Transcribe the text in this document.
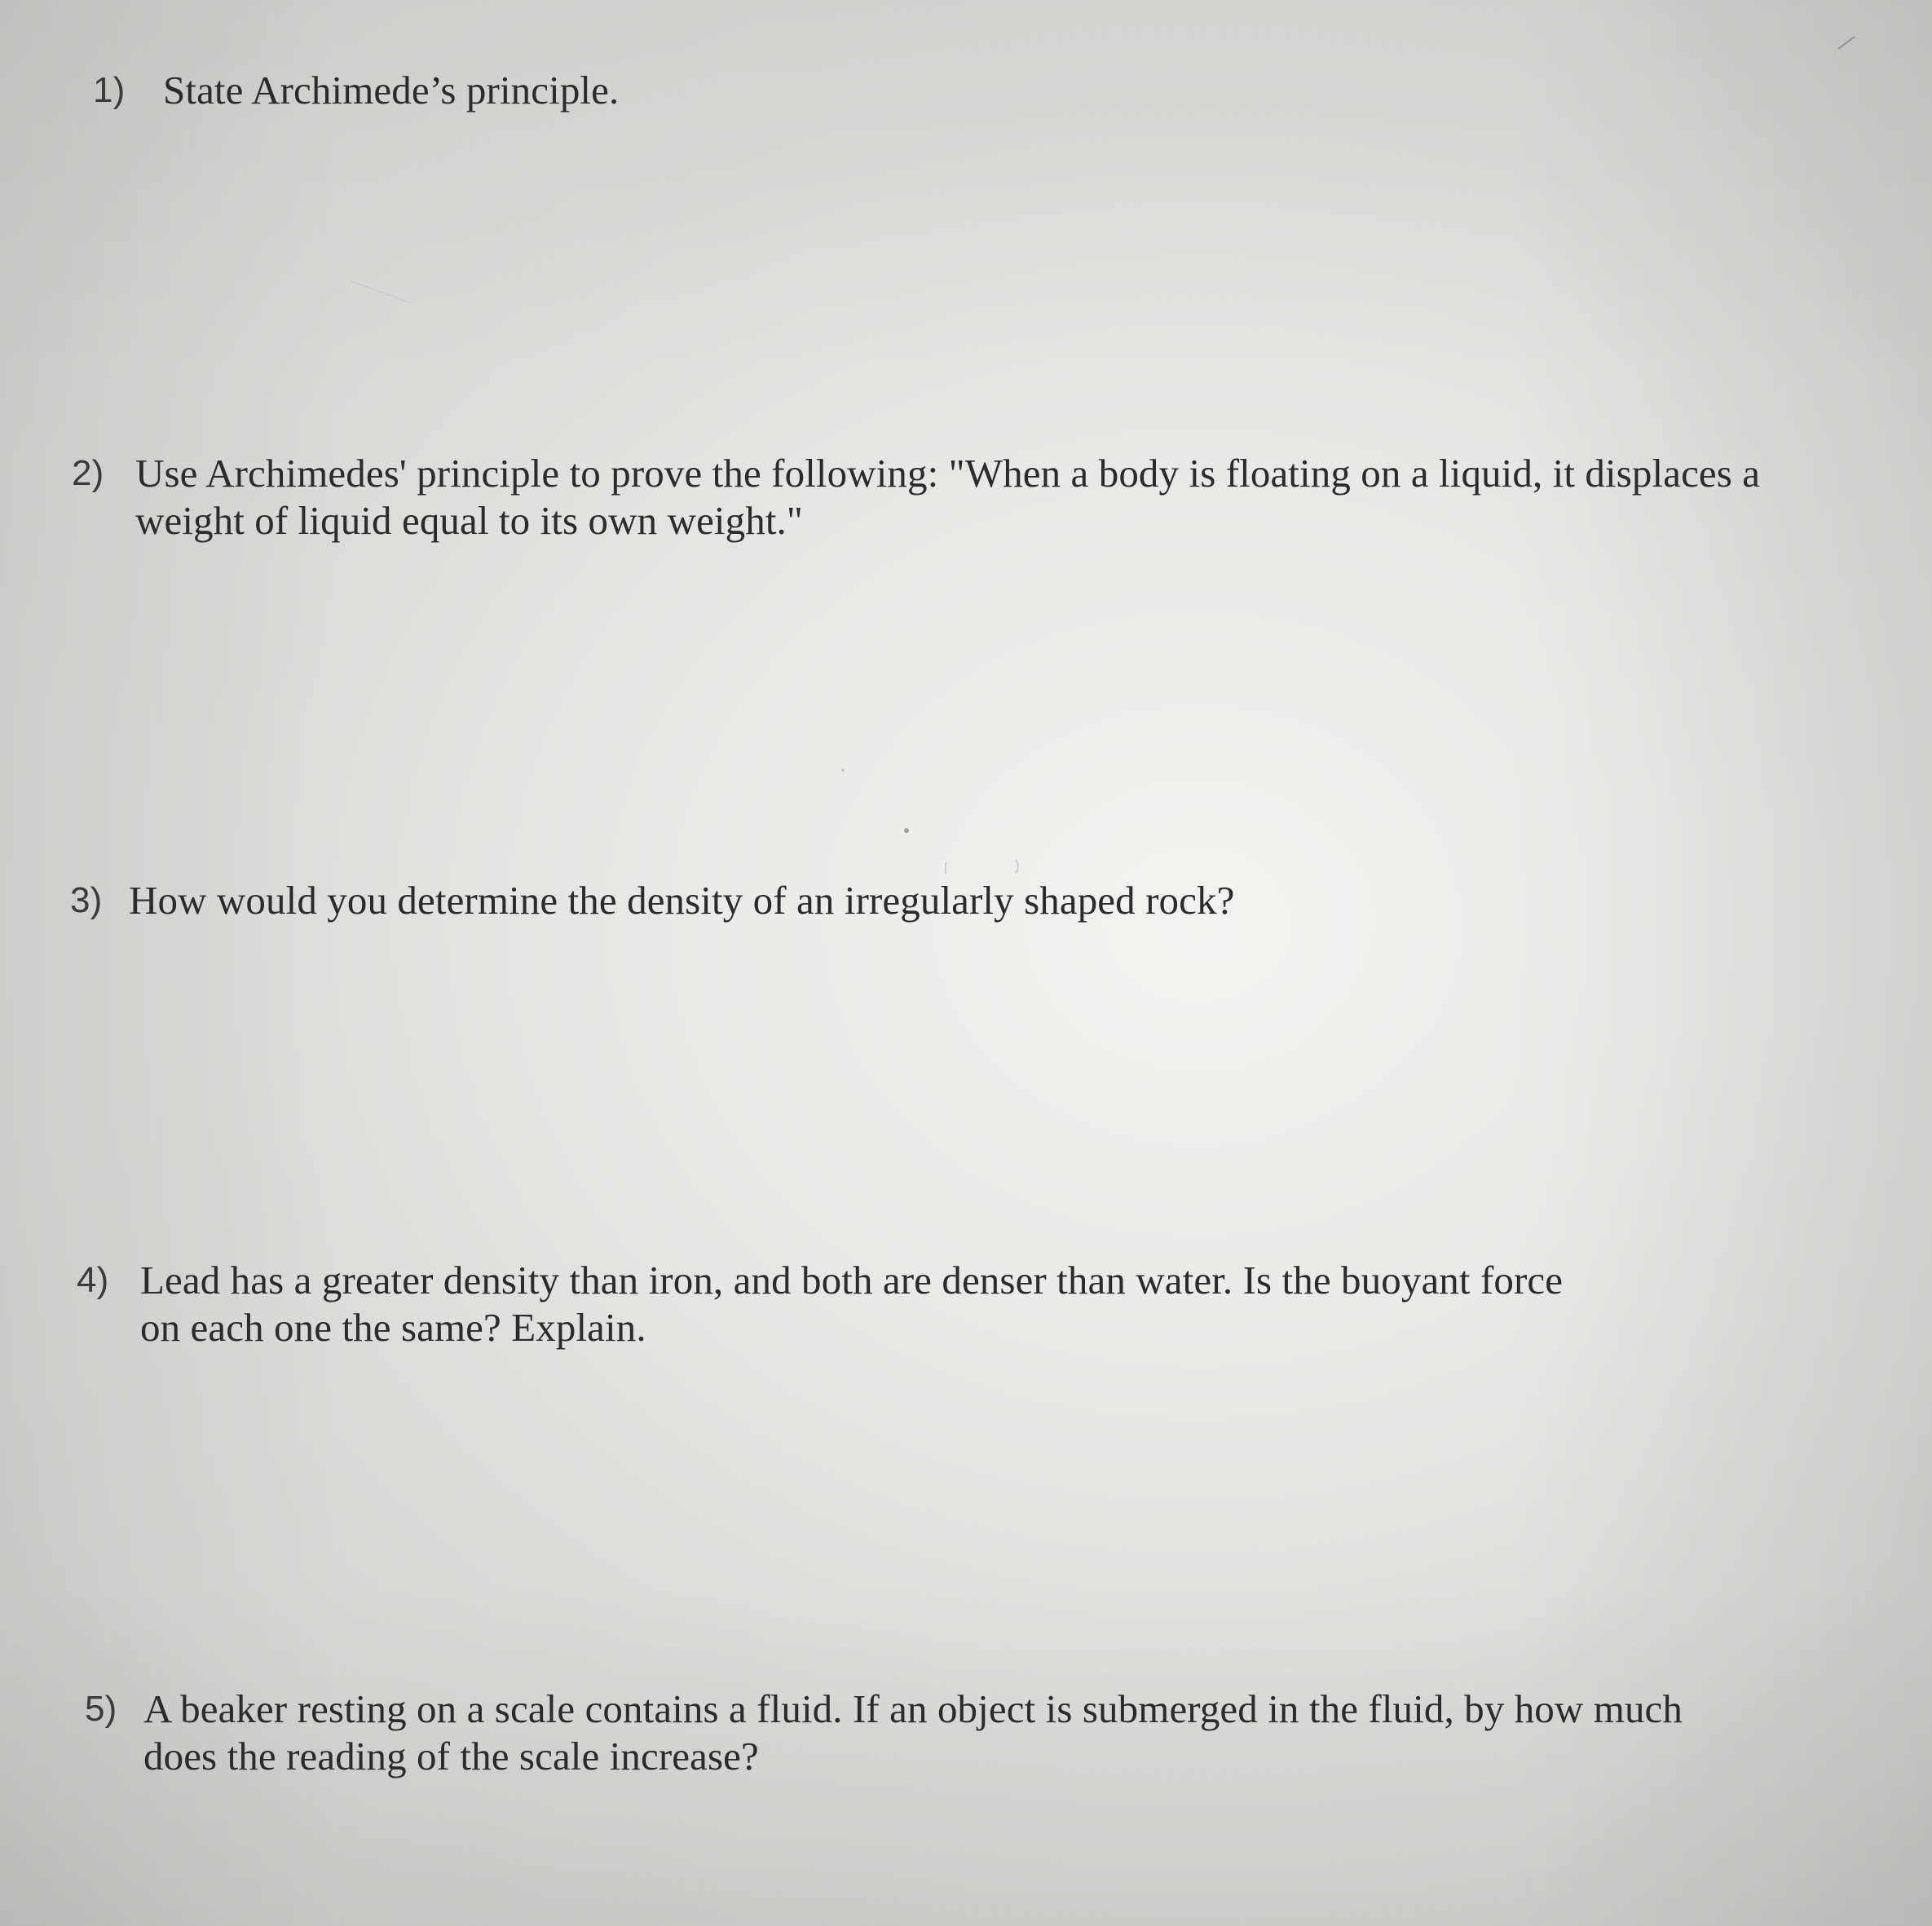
1) State Archimede’s principle.
2) Use Archimedes' principle to prove the following: "When a body is floating on a liquid, it displaces a
weight of liquid equal to its own weight."
3) How would you determine the density of an irregularly shaped rock?
4) Lead has a greater density than iron, and both are denser than water. Is the buoyant force
on each one the same? Explain.
5) A beaker resting on a scale contains a fluid. If an object is submerged in the fluid, by how much
does the reading of the scale increase?
